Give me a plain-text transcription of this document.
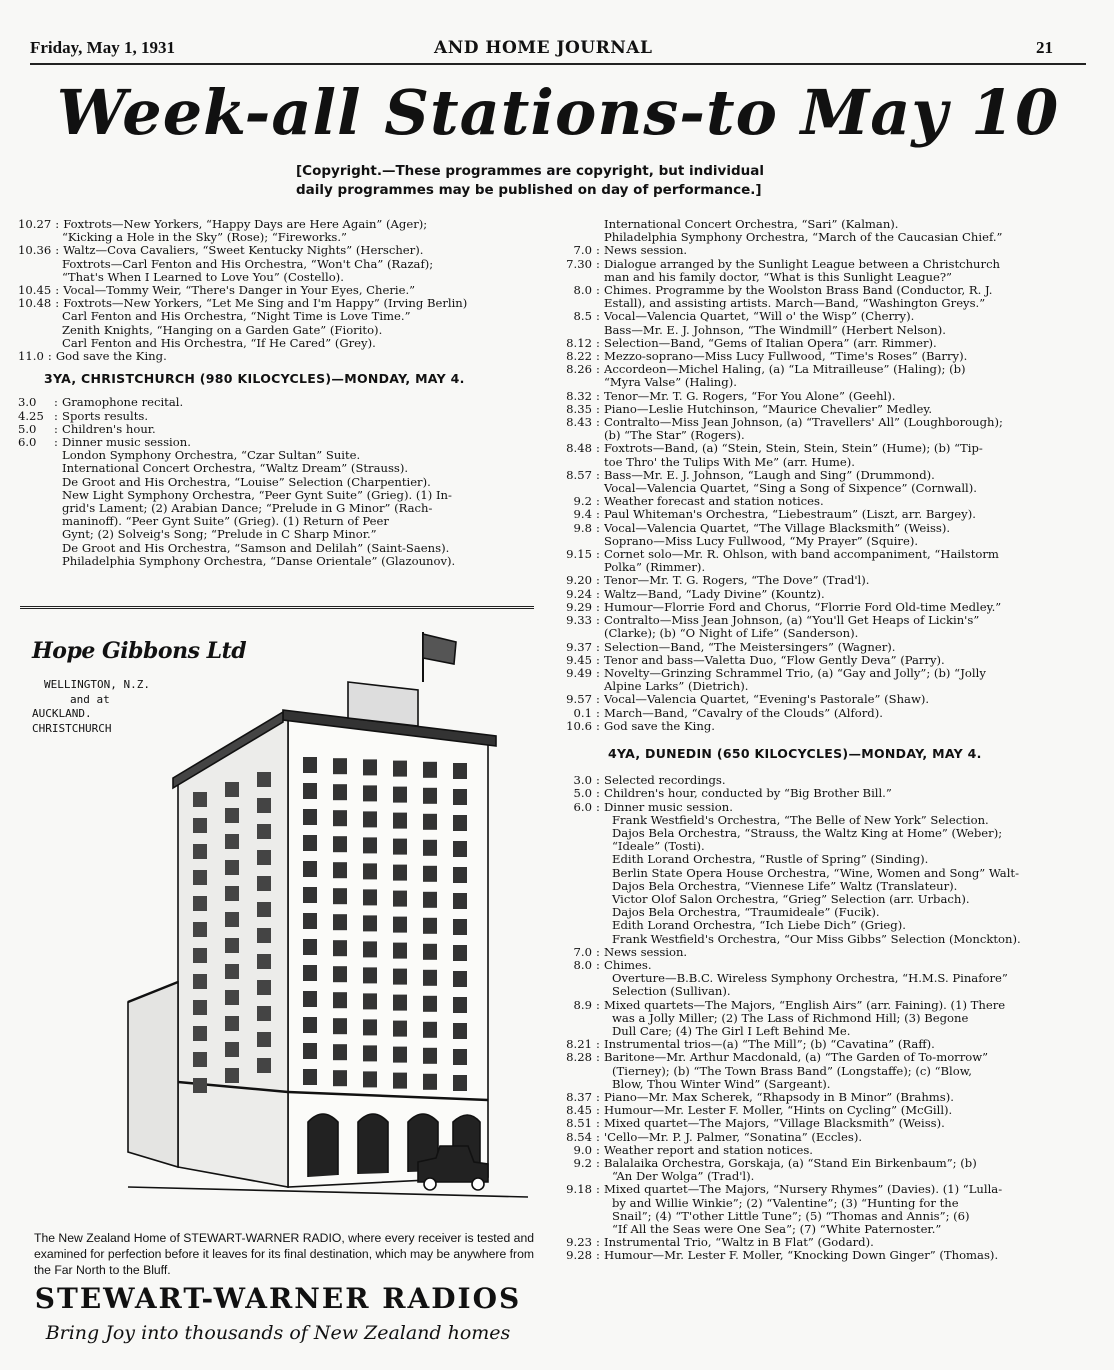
Friday, May 1, 1931	AND HOME JOURNAL	21
Week-all Stations-to May 10
[Copyright.—These programmes are copyright, but individual
daily programmes may be published on day of performance.]
10.27 : Foxtrots—New Yorkers, “Happy Days are Here Again” (Ager);
“Kicking a Hole in the Sky” (Rose); “Fireworks.”
10.36 : Waltz—Cova Cavaliers, “Sweet Kentucky Nights” (Herscher).
Foxtrots—Carl Fenton and His Orchestra, “Won't Cha” (Razaf);
“That's When I Learned to Love You” (Costello).
10.45 : Vocal—Tommy Weir, “There's Danger in Your Eyes, Cherie.”
10.48 : Foxtrots—New Yorkers, “Let Me Sing and I'm Happy” (Irving Berlin)
Carl Fenton and His Orchestra, “Night Time is Love Time.”
Zenith Knights, “Hanging on a Garden Gate” (Fiorito).
Carl Fenton and His Orchestra, “If He Cared” (Grey).
11.0 : God save the King.
3YA, CHRISTCHURCH (980 KILOCYCLES)—MONDAY, MAY 4.
3.0	: Gramophone recital.
4.25 : Sports results.
5.0	: Children's hour.
6.0	: Dinner music session.
London Symphony Orchestra, “Czar Sultan” Suite.
International Concert Orchestra, “Waltz Dream” (Strauss).
De Groot and His Orchestra, “Louise” Selection (Charpentier).
New Light Symphony Orchestra, “Peer Gynt Suite” (Grieg). (1) In-
grid's Lament; (2) Arabian Dance; “Prelude in G Minor” (Rach-
maninoff). “Peer Gynt Suite” (Grieg). (1) Return of Peer
Gynt; (2) Solveig's Song; “Prelude in C Sharp Minor.”
De Groot and His Orchestra, “Samson and Delilah” (Saint-Saens).
Philadelphia Symphony Orchestra, “Danse Orientale” (Glazounov).
Hope Gibbons Ltd
WELLINGTON, N.Z.
and at
AUCKLAND.
CHRISTCHURCH
The New Zealand Home of STEWART-WARNER RADIO, where every receiver is tested and examined for perfection before it leaves for its final destination, which may be anywhere from the Far North to the Bluff.
STEWART-WARNER RADIOS
Bring Joy into thousands of New Zealand homes
International Concert Orchestra, “Sari” (Kalman).
Philadelphia Symphony Orchestra, “March of the Caucasian Chief.”
7.0 : News session.
7.30 : Dialogue arranged by the Sunlight League between a Christchurch
man and his family doctor, “What is this Sunlight League?”
8.0 : Chimes. Programme by the Woolston Brass Band (Conductor, R. J.
Estall), and assisting artists. March—Band, “Washington Greys.”
8.5 : Vocal—Valencia Quartet, “Will o' the Wisp” (Cherry).
Bass—Mr. E. J. Johnson, “The Windmill” (Herbert Nelson).
8.12 : Selection—Band, “Gems of Italian Opera” (arr. Rimmer).
8.22 : Mezzo-soprano—Miss Lucy Fullwood, “Time's Roses” (Barry).
8.26 : Accordeon—Michel Haling, (a) “La Mitrailleuse” (Haling); (b)
“Myra Valse” (Haling).
8.32 : Tenor—Mr. T. G. Rogers, “For You Alone” (Geehl).
8.35 : Piano—Leslie Hutchinson, “Maurice Chevalier” Medley.
8.43 : Contralto—Miss Jean Johnson, (a) “Travellers' All” (Loughborough);
(b) “The Star” (Rogers).
8.48 : Foxtrots—Band, (a) “Stein, Stein, Stein, Stein” (Hume); (b) “Tip-
toe Thro' the Tulips With Me” (arr. Hume).
8.57 : Bass—Mr. E. J. Johnson, “Laugh and Sing” (Drummond).
Vocal—Valencia Quartet, “Sing a Song of Sixpence” (Cornwall).
9.2 : Weather forecast and station notices.
9.4 : Paul Whiteman's Orchestra, “Liebestraum” (Liszt, arr. Bargey).
9.8 : Vocal—Valencia Quartet, “The Village Blacksmith” (Weiss).
Soprano—Miss Lucy Fullwood, “My Prayer” (Squire).
9.15 : Cornet solo—Mr. R. Ohlson, with band accompaniment, “Hailstorm
Polka” (Rimmer).
9.20 : Tenor—Mr. T. G. Rogers, “The Dove” (Trad'l).
9.24 : Waltz—Band, “Lady Divine” (Kountz).
9.29 : Humour—Florrie Ford and Chorus, “Florrie Ford Old-time Medley.”
9.33 : Contralto—Miss Jean Johnson, (a) “You'll Get Heaps of Lickin's”
(Clarke); (b) “O Night of Life” (Sanderson).
9.37 : Selection—Band, “The Meistersingers” (Wagner).
9.45 : Tenor and bass—Valetta Duo, “Flow Gently Deva” (Parry).
9.49 : Novelty—Grinzing Schrammel Trio, (a) “Gay and Jolly”; (b) “Jolly
Alpine Larks” (Dietrich).
9.57 : Vocal—Valencia Quartet, “Evening's Pastorale” (Shaw).
0.1 : March—Band, “Cavalry of the Clouds” (Alford).
10.6 : God save the King.
4YA, DUNEDIN (650 KILOCYCLES)—MONDAY, MAY 4.
3.0 : Selected recordings.
5.0 : Children's hour, conducted by “Big Brother Bill.”
6.0 : Dinner music session.
Frank Westfield's Orchestra, “The Belle of New York” Selection.
Dajos Bela Orchestra, “Strauss, the Waltz King at Home” (Weber);
“Ideale” (Tosti).
Edith Lorand Orchestra, “Rustle of Spring” (Sinding).
Berlin State Opera House Orchestra, “Wine, Women and Song” Walt-
Dajos Bela Orchestra, “Viennese Life” Waltz (Translateur).
Victor Olof Salon Orchestra, “Grieg” Selection (arr. Urbach).
Dajos Bela Orchestra, “Traumideale” (Fucik).
Edith Lorand Orchestra, “Ich Liebe Dich” (Grieg).
Frank Westfield's Orchestra, “Our Miss Gibbs” Selection (Monckton).
7.0 : News session.
8.0 : Chimes.
Overture—B.B.C. Wireless Symphony Orchestra, “H.M.S. Pinafore”
Selection (Sullivan).
8.9 : Mixed quartets—The Majors, “English Airs” (arr. Faining). (1) There
was a Jolly Miller; (2) The Lass of Richmond Hill; (3) Begone
Dull Care; (4) The Girl I Left Behind Me.
8.21 : Instrumental trios—(a) “The Mill”; (b) “Cavatina” (Raff).
8.28 : Baritone—Mr. Arthur Macdonald, (a) “The Garden of To-morrow”
(Tierney); (b) “The Town Brass Band” (Longstaffe); (c) “Blow,
Blow, Thou Winter Wind” (Sargeant).
8.37 : Piano—Mr. Max Scherek, “Rhapsody in B Minor” (Brahms).
8.45 : Humour—Mr. Lester F. Moller, “Hints on Cycling” (McGill).
8.51 : Mixed quartet—The Majors, “Village Blacksmith” (Weiss).
8.54 : 'Cello—Mr. P. J. Palmer, “Sonatina” (Eccles).
9.0 : Weather report and station notices.
9.2 : Balalaika Orchestra, Gorskaja, (a) “Stand Ein Birkenbaum”; (b)
“An Der Wolga” (Trad'l).
9.18 : Mixed quartet—The Majors, “Nursery Rhymes” (Davies). (1) “Lulla-
by and Willie Winkie”; (2) “Valentine”; (3) “Hunting for the
Snail”; (4) “T'other Little Tune”; (5) “Thomas and Annis”; (6)
“If All the Seas were One Sea”; (7) “White Paternoster.”
9.23 : Instrumental Trio, “Waltz in B Flat” (Godard).
9.28 : Humour—Mr. Lester F. Moller, “Knocking Down Ginger” (Thomas).
